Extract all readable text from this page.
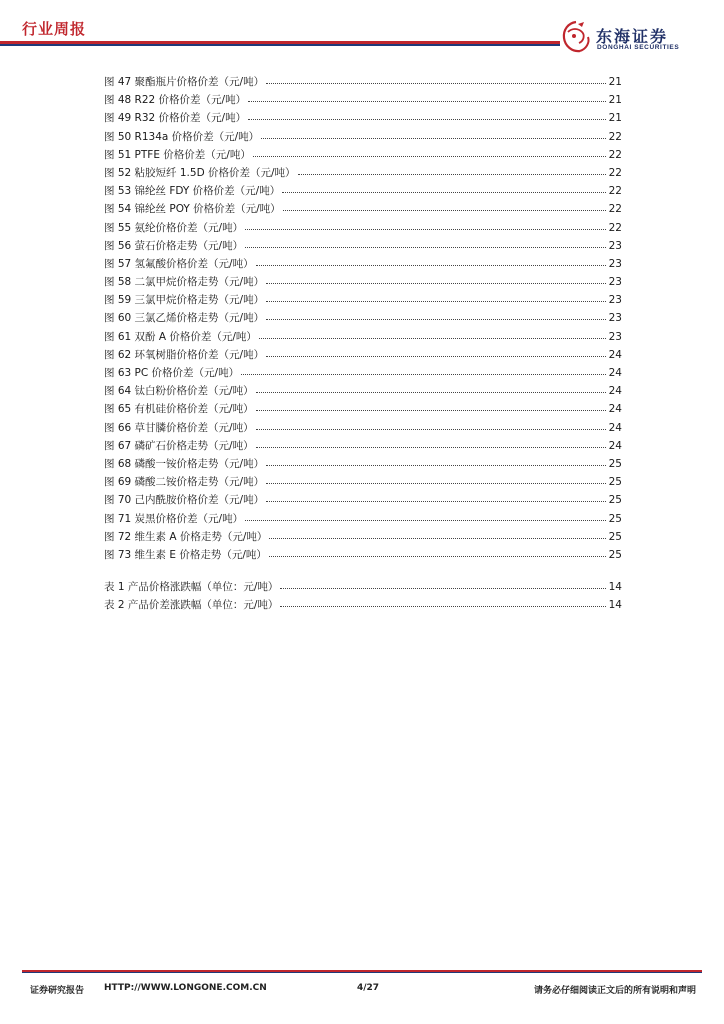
行业周报	东海证券
DONGHAI SECURITIES
图 47 聚酯瓶片价格价差（元/吨）	21
图 48 R22 价格价差（元/吨）	21
图 49 R32 价格价差（元/吨）	21
图 50 R134a 价格价差（元/吨）	22
图 51 PTFE 价格价差（元/吨）	22
图 52 粘胶短纤 1.5D 价格价差（元/吨）	22
图 53 锦纶丝 FDY 价格价差（元/吨）	22
图 54 锦纶丝 POY 价格价差（元/吨）	22
图 55 氨纶价格价差（元/吨）	22
图 56 萤石价格走势（元/吨）	23
图 57 氢氟酸价格价差（元/吨）	23
图 58 二氯甲烷价格走势（元/吨）	23
图 59 三氯甲烷价格走势（元/吨）	23
图 60 三氯乙烯价格走势（元/吨）	23
图 61 双酚 A 价格价差（元/吨）	23
图 62 环氧树脂价格价差（元/吨）	24
图 63 PC 价格价差（元/吨）	24
图 64 钛白粉价格价差（元/吨）	24
图 65 有机硅价格价差（元/吨）	24
图 66 草甘膦价格价差（元/吨）	24
图 67 磷矿石价格走势（元/吨）	24
图 68 磷酸一铵价格走势（元/吨）	25
图 69 磷酸二铵价格走势（元/吨）	25
图 70 己内酰胺价格价差（元/吨）	25
图 71 炭黑价格价差（元/吨）	25
图 72 维生素 A 价格走势（元/吨）	25
图 73 维生素 E 价格走势（元/吨）	25
表 1 产品价格涨跌幅（单位：元/吨）	14
表 2 产品价差涨跌幅（单位：元/吨）	14
证券研究报告 HTTP://WWW.LONGONE.COM.CN	4/27	请务必仔细阅读正文后的所有说明和声明
